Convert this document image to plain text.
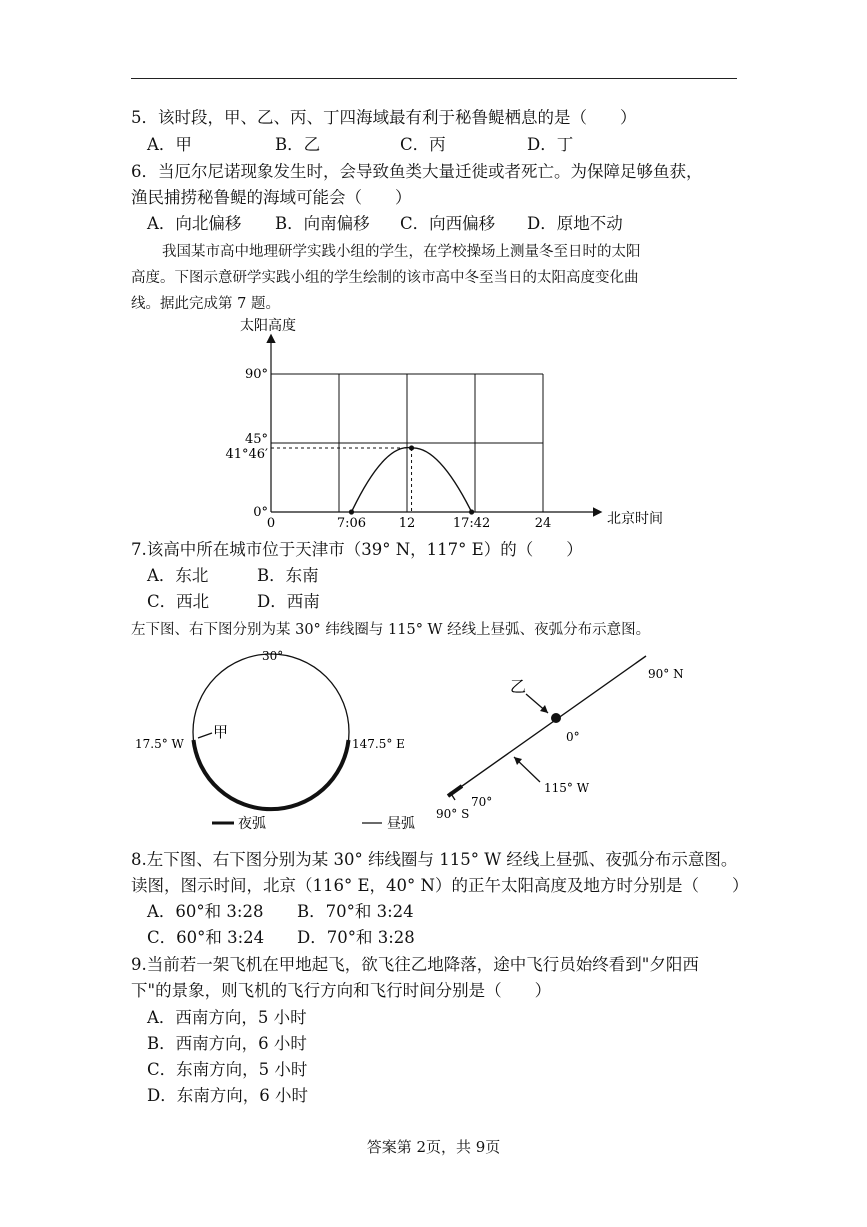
5．该时段，甲、乙、丙、丁四海域最有利于秘鲁鳀栖息的是（　　）
A．甲	B．乙	C．丙	D．丁
6．当厄尔尼诺现象发生时，会导致鱼类大量迁徙或者死亡。为保障足够鱼获，
渔民捕捞秘鲁鳀的海域可能会（　　）
A．向北偏移 B．向南偏移 C．向西偏移 D．原地不动
我国某市高中地理研学实践小组的学生，在学校操场上测量冬至日时的太阳
高度。下图示意研学实践小组的学生绘制的该市高中冬至当日的太阳高度变化曲
线。据此完成第 7 题。
太阳高度
北京时间
0	7:06	12	17:42	24
0°
41°46′
45°
90°
7.该高中所在城市位于天津市（39° N，117° E）的（　　）
A．东北	B．东南
C．西北	D．西南
左下图、右下图分别为某 30° 纬线圈与 115° W 经线上昼弧、夜弧分布示意图。
30°
17.5° W	147.5° E
甲
夜弧	昼弧
乙
0°
90° N
90° S
70°
115° W
8.左下图、右下图分别为某 30° 纬线圈与 115° W 经线上昼弧、夜弧分布示意图。
读图，图示时间，北京（116° E，40° N）的正午太阳高度及地方时分别是（　　）
A．60°和 3:28 B．70°和 3:24
C．60°和 3:24 D．70°和 3:28
9.当前若一架飞机在甲地起飞，欲飞往乙地降落，途中飞行员始终看到"夕阳西
下"的景象，则飞机的飞行方向和飞行时间分别是（　　）
A．西南方向，5 小时
B．西南方向，6 小时
C．东南方向，5 小时
D．东南方向，6 小时
答案第 2页，共 9页
